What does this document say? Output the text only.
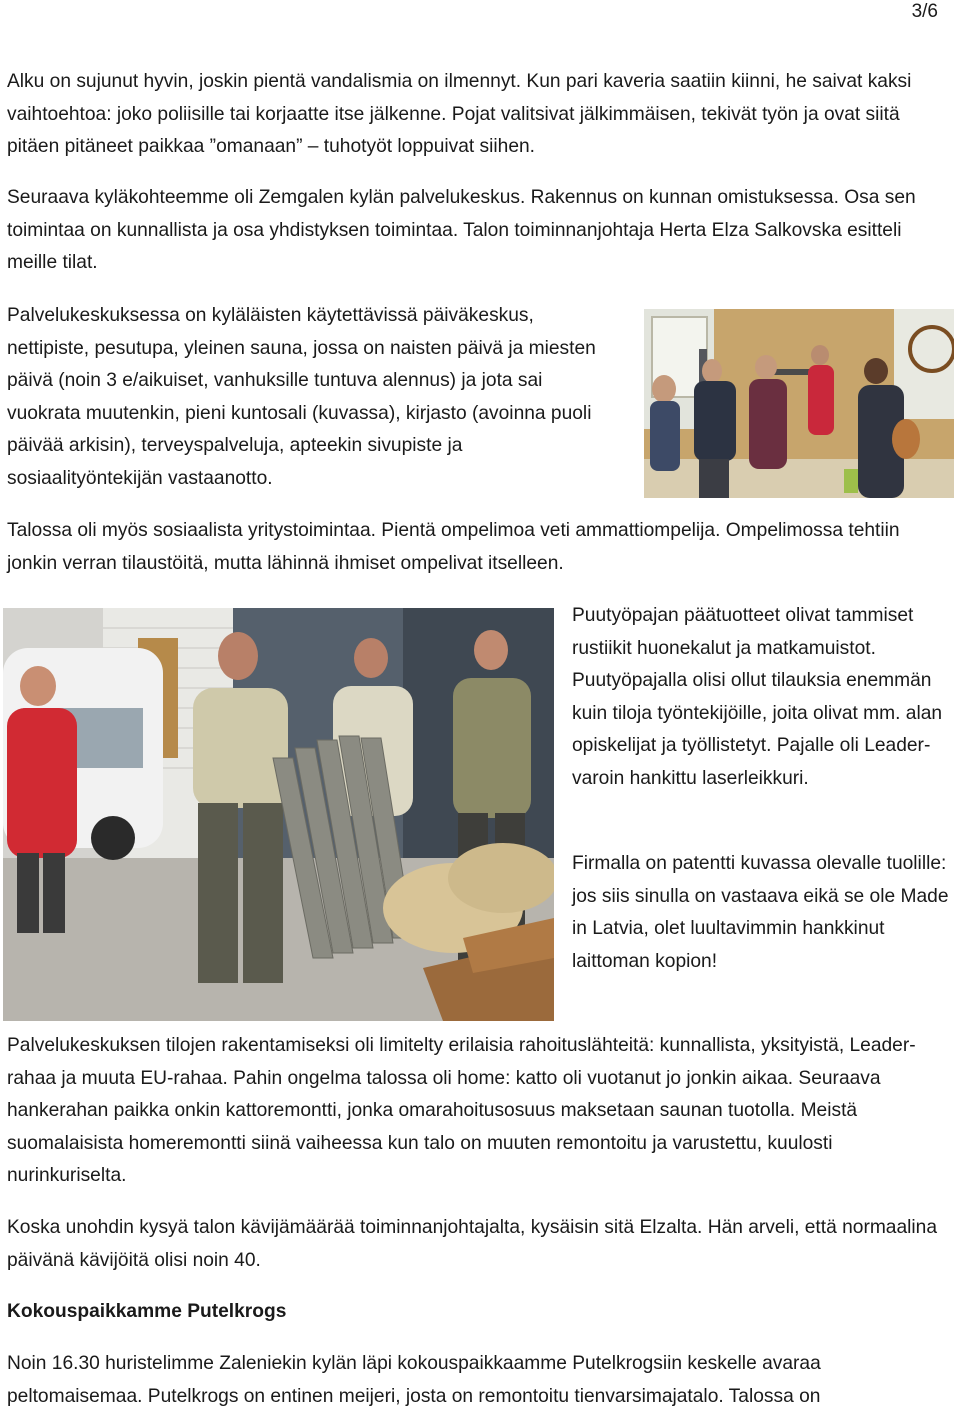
3/6

Alku on sujunut hyvin, joskin pientä vandalismia on ilmennyt. Kun pari kaveria saatiin kiinni, he saivat kaksi vaihtoehtoa: joko poliisille tai korjaatte itse jälkenne. Pojat valitsivat jälkimmäisen, tekivät työn ja ovat siitä pitäen pitäneet paikkaa ”omanaan” – tuhotyöt loppuivat siihen.

Seuraava kyläkohteemme oli Zemgalen kylän palvelukeskus. Rakennus on kunnan omistuksessa. Osa sen toimintaa on kunnallista ja osa yhdistyksen toimintaa. Talon toiminnanjohtaja Herta Elza Salkovska esitteli meille tilat.

Palvelukeskuksessa on kyläläisten käytettävissä päiväkeskus, nettipiste, pesutupa, yleinen sauna, jossa on naisten päivä ja miesten päivä (noin 3 e/aikuiset, vanhuksille tuntuva alennus) ja jota sai vuokrata muutenkin, pieni kuntosali (kuvassa), kirjasto (avoinna puoli päivää arkisin), terveyspalveluja, apteekin sivupiste ja sosiaalityöntekijän vastaanotto.

Talossa oli myös sosiaalista yritystoimintaa. Pientä ompelimoa veti ammattiompelija. Ompelimossa tehtiin jonkin verran tilaustöitä, mutta lähinnä ihmiset ompelivat itselleen.

Puutyöpajan päätuotteet olivat tammiset rustiikit huonekalut ja matkamuistot. Puutyöpajalla olisi ollut tilauksia enemmän kuin tiloja työntekijöille, joita olivat mm. alan opiskelijat ja työllistetyt. Pajalle oli Leader-varoin hankittu laserleikkuri.

Firmalla on patentti kuvassa olevalle tuolille: jos siis sinulla on vastaava eikä se ole Made in Latvia, olet luultavimmin hankkinut laittoman kopion!

Palvelukeskuksen tilojen rakentamiseksi oli limitelty erilaisia rahoituslähteitä: kunnallista, yksityistä, Leader-rahaa ja muuta EU-rahaa. Pahin ongelma talossa oli home: katto oli vuotanut jo jonkin aikaa. Seuraava hankerahan paikka onkin kattoremontti, jonka omarahoitusosuus maksetaan saunan tuotolla. Meistä suomalaisista homeremontti siinä vaiheessa kun talo on muuten remontoitu ja varustettu, kuulosti nurinkuriselta.

Koska unohdin kysyä talon kävijämäärää toiminnanjohtajalta, kysäisin sitä Elzalta. Hän arveli, että normaalina päivänä kävijöitä olisi noin 40.

Kokouspaikkamme Putelkrogs

Noin 16.30 huristelimme Zaleniekin kylän läpi kokouspaikkaamme Putelkrogsiin keskelle avaraa peltomaisemaa. Putelkrogs on entinen meijeri, josta on remontoitu tienvarsimajatalo. Talossa on
